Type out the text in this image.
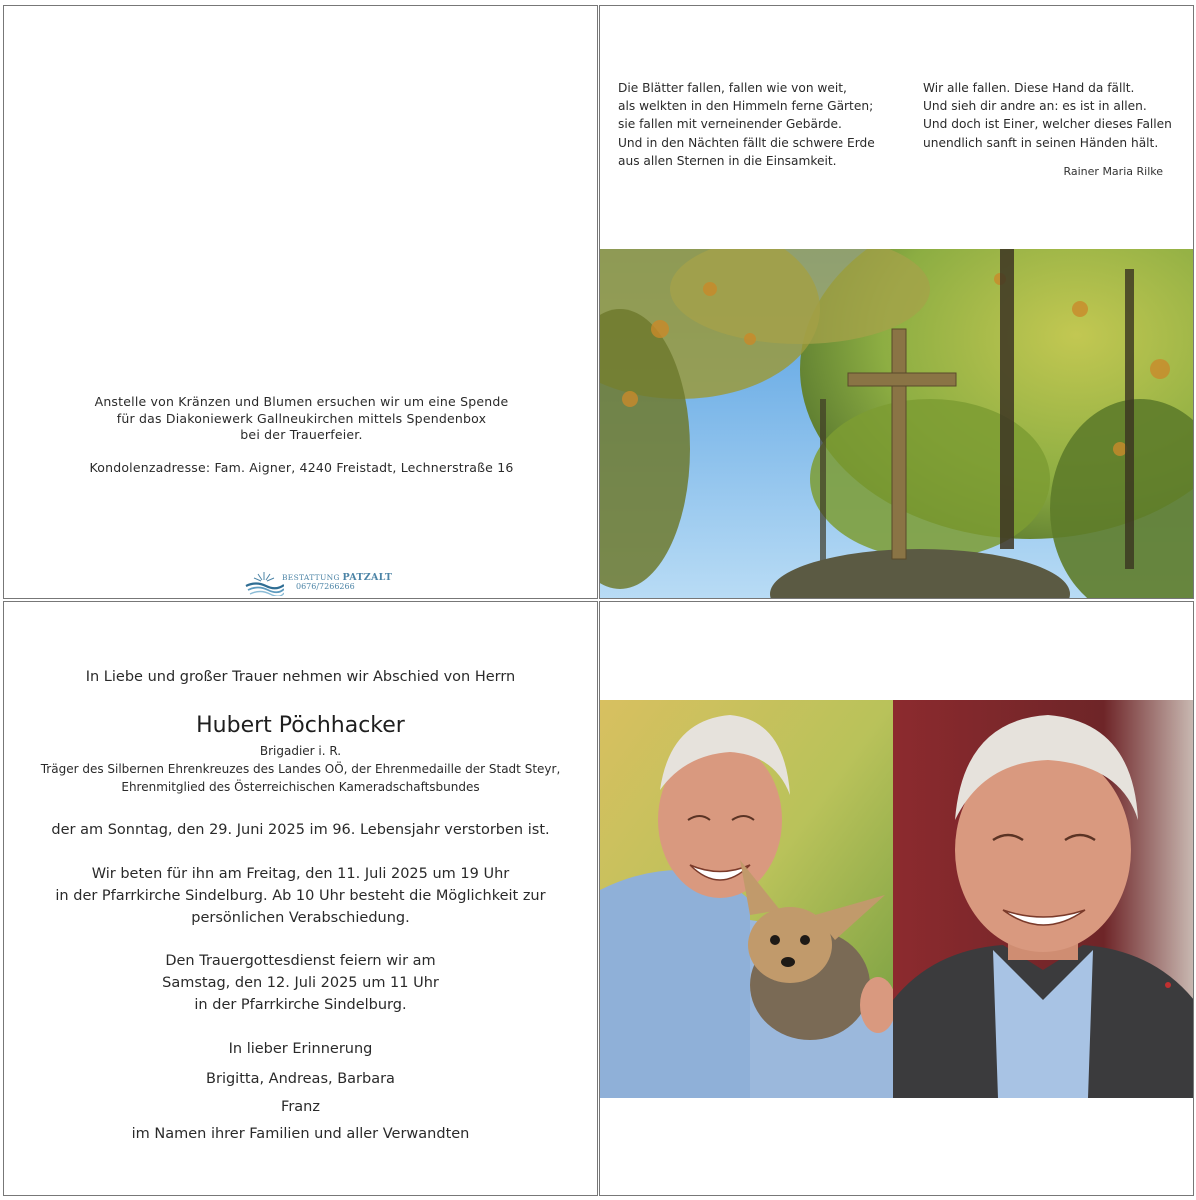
Anstelle von Kränzen und Blumen ersuchen wir um eine Spende
für das Diakoniewerk Gallneukirchen mittels Spendenbox
bei der Trauerfeier.
Kondolenzadresse: Fam. Aigner, 4240 Freistadt, Lechnerstraße 16
BESTATTUNG PATZALT
0676/7266266
Die Blätter fallen, fallen wie von weit,
als welkten in den Himmeln ferne Gärten;
sie fallen mit verneinender Gebärde.
Und in den Nächten fällt die schwere Erde
aus allen Sternen in die Einsamkeit.
Wir alle fallen. Diese Hand da fällt.
Und sieh dir andre an: es ist in allen.
Und doch ist Einer, welcher dieses Fallen
unendlich sanft in seinen Händen hält.
Rainer Maria Rilke
In Liebe und großer Trauer nehmen wir Abschied von Herrn
Hubert Pöchhacker
Brigadier i. R.
Träger des Silbernen Ehrenkreuzes des Landes OÖ, der Ehrenmedaille der Stadt Steyr,
Ehrenmitglied des Österreichischen Kameradschaftsbundes
der am Sonntag, den 29. Juni 2025 im 96. Lebensjahr verstorben ist.
Wir beten für ihn am Freitag, den 11. Juli 2025 um 19 Uhr
in der Pfarrkirche Sindelburg. Ab 10 Uhr besteht die Möglichkeit zur
persönlichen Verabschiedung.
Den Trauergottesdienst feiern wir am
Samstag, den 12. Juli 2025 um 11 Uhr
in der Pfarrkirche Sindelburg.
In lieber Erinnerung
Brigitta, Andreas, Barbara
Franz
im Namen ihrer Familien und aller Verwandten
